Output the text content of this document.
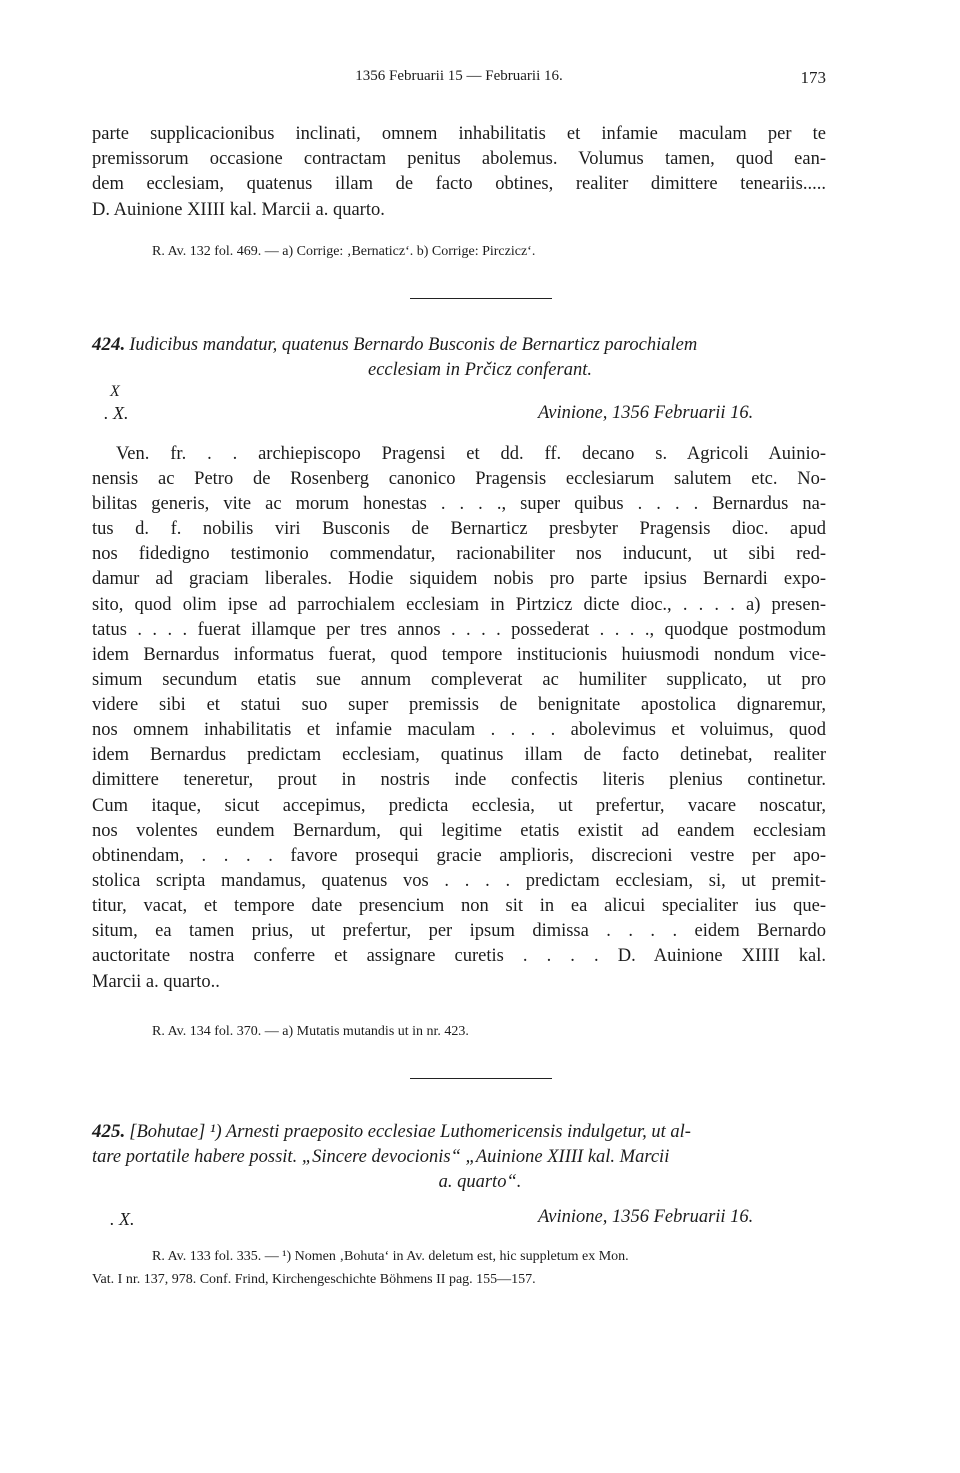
1356 Februarii 15 — Februarii 16.	173
parte supplicacionibus inclinati, omnem inhabilitatis et infamie maculam per te
premissorum occasione contractam penitus abolemus. Volumus tamen, quod ean-
dem ecclesiam, quatenus illam de facto obtines, realiter dimittere teneariis.....
D. Auinione XIIII kal. Marcii a. quarto.
R. Av. 132 fol. 469. — a) Corrige: ‚Bernaticz‘. b) Corrige: Pirczicz‘.
424. Iudicibus mandatur, quatenus Bernardo Busconis de Bernarticz parochialem
ecclesiam in Prčicz conferant.
X
. X.	Avinione, 1356 Februarii 16.
Ven. fr. . . archiepiscopo Pragensi et dd. ff. decano s. Agricoli Auinio-
nensis ac Petro de Rosenberg canonico Pragensis ecclesiarum salutem etc. No-
bilitas generis, vite ac morum honestas . . . ., super quibus . . . . Bernardus na-
tus d. f. nobilis viri Busconis de Bernarticz presbyter Pragensis dioc. apud
nos fidedigno testimonio commendatur, racionabiliter nos inducunt, ut sibi red-
damur ad graciam liberales. Hodie siquidem nobis pro parte ipsius Bernardi expo-
sito, quod olim ipse ad parrochialem ecclesiam in Pirtzicz dicte dioc., . . . . a) presen-
tatus . . . . fuerat illamque per tres annos . . . . possederat . . . ., quodque postmodum
idem Bernardus informatus fuerat, quod tempore institucionis huiusmodi nondum vice-
simum secundum etatis sue annum compleverat ac humiliter supplicato, ut pro
videre sibi et statui suo super premissis de benignitate apostolica dignaremur,
nos omnem inhabilitatis et infamie maculam . . . . abolevimus et voluimus, quod
idem Bernardus predictam ecclesiam, quatinus illam de facto detinebat, realiter
dimittere teneretur, prout in nostris inde confectis literis plenius continetur.
Cum itaque, sicut accepimus, predicta ecclesia, ut prefertur, vacare noscatur,
nos volentes eundem Bernardum, qui legitime etatis existit ad eandem ecclesiam
obtinendam, . . . . favore prosequi gracie amplioris, discrecioni vestre per apo-
stolica scripta mandamus, quatenus vos . . . . predictam ecclesiam, si, ut premit-
titur, vacat, et tempore date presencium non sit in ea alicui specialiter ius que-
situm, ea tamen prius, ut prefertur, per ipsum dimissa . . . . eidem Bernardo
auctoritate nostra conferre et assignare curetis . . . . D. Auinione XIIII kal.
Marcii a. quarto..
R. Av. 134 fol. 370. — a) Mutatis mutandis ut in nr. 423.
425. [Bohutae] ¹) Arnesti praeposito ecclesiae Luthomericensis indulgetur, ut al-
tare portatile habere possit. „Sincere devocionis“ „Auinione XIIII kal. Marcii
a. quarto“.
. X.	Avinione, 1356 Februarii 16.
R. Av. 133 fol. 335. — ¹) Nomen ‚Bohuta‘ in Av. deletum est, hic suppletum ex Mon.
Vat. I nr. 137, 978. Conf. Frind, Kirchengeschichte Böhmens II pag. 155—157.
